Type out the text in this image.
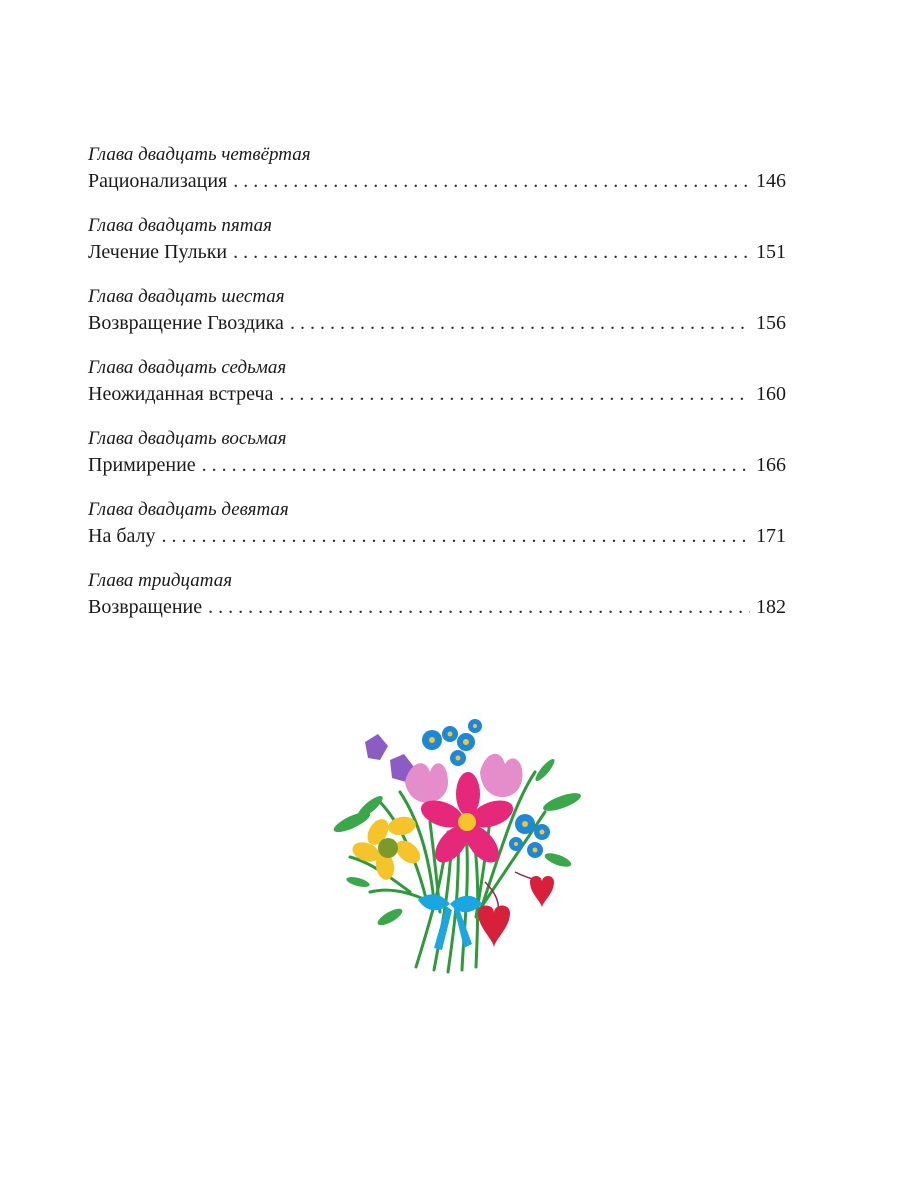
Глава двадцать четвёртая
Рационализация . . .	146
Глава двадцать пятая
Лечение Пульки . . .	151
Глава двадцать шестая
Возвращение Гвоздика . . .	156
Глава двадцать седьмая
Неожиданная встреча . . .	160
Глава двадцать восьмая
Примирение . . .	166
Глава двадцать девятая
На балу . . .	171
Глава тридцатая
Возвращение . . .	182
